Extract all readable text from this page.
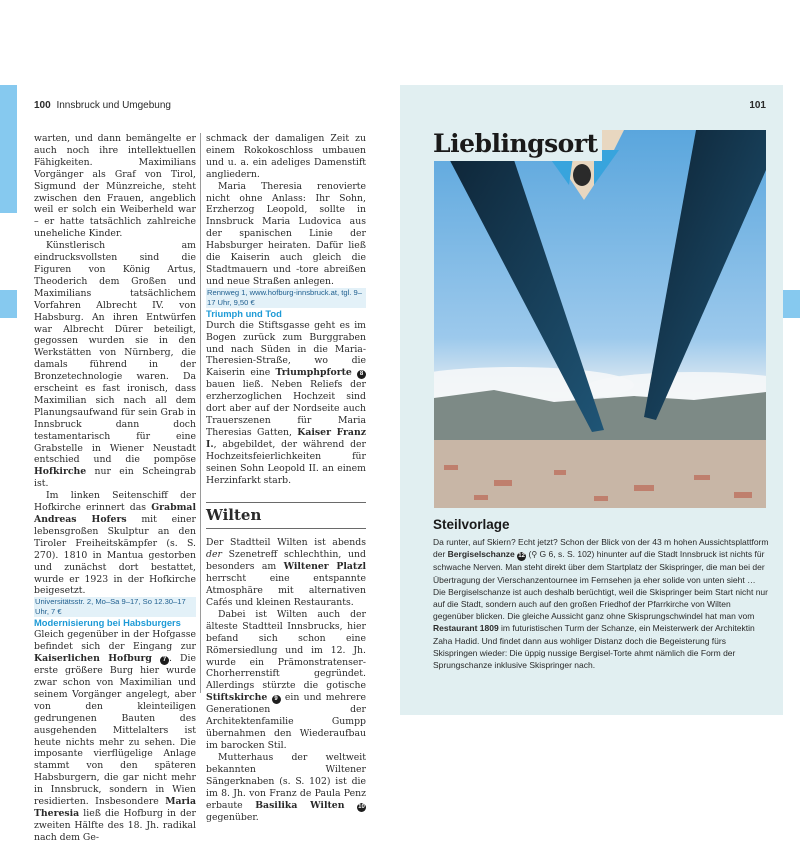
100 Innsbruck und Umgebung

warten, und dann bemängelte er auch noch ihre intellektuellen Fähigkeiten. Maximilians Vorgänger als Graf von Tirol, Sigmund der Münzreiche, steht zwischen den Frauen, angeblich weil er solch ein Weiberheld war – er hatte tatsächlich zahlreiche uneheliche Kinder.

Künstlerisch am eindrucksvollsten sind die Figuren von König Artus, Theoderich dem Großen und Maximilians tatsächlichem Vorfahren Albrecht IV. von Habsburg. An ihren Entwürfen war Albrecht Dürer beteiligt, gegossen wurden sie in den Werkstätten von Nürnberg, die damals führend in der Bronzetechnologie waren. Da erscheint es fast ironisch, dass Maximilian sich nach all dem Planungsaufwand für sein Grab in Innsbruck dann doch testamentarisch für eine Grabstelle in Wiener Neustadt entschied und die pompöse Hofkirche nur ein Scheingrab ist.

Im linken Seitenschiff der Hofkirche erinnert das Grabmal Andreas Hofers mit einer lebensgroßen Skulptur an den Tiroler Freiheitskämpfer (s. S. 270). 1810 in Mantua gestorben und zunächst dort bestattet, wurde er 1923 in der Hofkirche beigesetzt.

Universitätsstr. 2, Mo–Sa 9–17, So 12.30–17 Uhr, 7 €

Modernisierung bei Habsburgers

Gleich gegenüber in der Hofgasse befindet sich der Eingang zur Kaiserlichen Hofburg 7 . Die erste größere Burg hier wurde zwar schon von Maximilian und seinem Vorgänger angelegt, aber von den kleinteiligen gedrungenen Bauten des ausgehenden Mittelalters ist heute nichts mehr zu sehen. Die imposante vierflügelige Anlage stammt von den späteren Habsburgern, die gar nicht mehr in Innsbruck, sondern in Wien residierten. Insbesondere Maria Theresia ließ die Hofburg in der zweiten Hälfte des 18. Jh. radikal nach dem Ge-

schmack der damaligen Zeit zu einem Rokokoschloss umbauen und u. a. ein adeliges Damenstift angliedern.

Maria Theresia renovierte nicht ohne Anlass: Ihr Sohn, Erzherzog Leopold, sollte in Innsbruck Maria Ludovica aus der spanischen Linie der Habsburger heiraten. Dafür ließ die Kaiserin auch gleich die Stadtmauern und -tore abreißen und neue Straßen anlegen.

Rennweg 1, www.hofburg-innsbruck.at, tgl. 9–17 Uhr, 9,50 €

Triumph und Tod

Durch die Stiftsgasse geht es im Bogen zurück zum Burggraben und nach Süden in die Maria-Theresien-Straße, wo die Kaiserin eine Triumphpforte 8 bauen ließ. Neben Reliefs der erzherzoglichen Hochzeit sind dort aber auf der Nordseite auch Trauerszenen für Maria Theresias Gatten, Kaiser Franz I., abgebildet, der während der Hochzeitsfeierlichkeiten für seinen Sohn Leopold II. an einem Herzinfarkt starb.

Wilten

Der Stadtteil Wilten ist abends der Szenetreff schlechthin, und besonders am Wiltener Platzl herrscht eine entspannte Atmosphäre mit alternativen Cafés und kleinen Restaurants.

Dabei ist Wilten auch der älteste Stadtteil Innsbrucks, hier befand sich schon eine Römersiedlung und im 12. Jh. wurde ein Prämonstratenser-Chorherrenstift gegründet. Allerdings stürzte die gotische Stiftskirche 9 ein und mehrere Generationen der Architektenfamilie Gumpp übernahmen den Wiederaufbau im barocken Stil.

Mutterhaus der weltweit bekannten Wiltener Sängerknaben (s. S. 102) ist die im 8. Jh. von Franz de Paula Penz erbaute Basilika Wilten 10 gegenüber.

101
Lieblingsort
Steilvorlage
Da runter, auf Skiern? Echt jetzt? Schon der Blick von der 43 m hohen Aussichtsplattform der Bergiselschanze 12 (⚲ G 6, s. S. 102) hinunter auf die Stadt Innsbruck ist nichts für schwache Nerven. Man steht direkt über dem Startplatz der Skispringer, die man bei der Übertragung der Vierschanzentournee im Fernsehen ja eher solide von unten sieht … Die Bergiselschanze ist auch deshalb berüchtigt, weil die Skispringer beim Start nicht nur auf die Stadt, sondern auch auf den großen Friedhof der Pfarrkirche von Wilten gegenüber blicken. Die gleiche Aussicht ganz ohne Skisprungschwindel hat man vom Restaurant 1809 im futuristischen Turm der Schanze, ein Meisterwerk der Architektin Zaha Hadid. Und findet dann aus wohliger Distanz doch die Begeisterung fürs Skispringen wieder: Die üppig nussige Bergisel-Torte ahmt nämlich die Form der Sprungschanze inklusive Skispringer nach.
